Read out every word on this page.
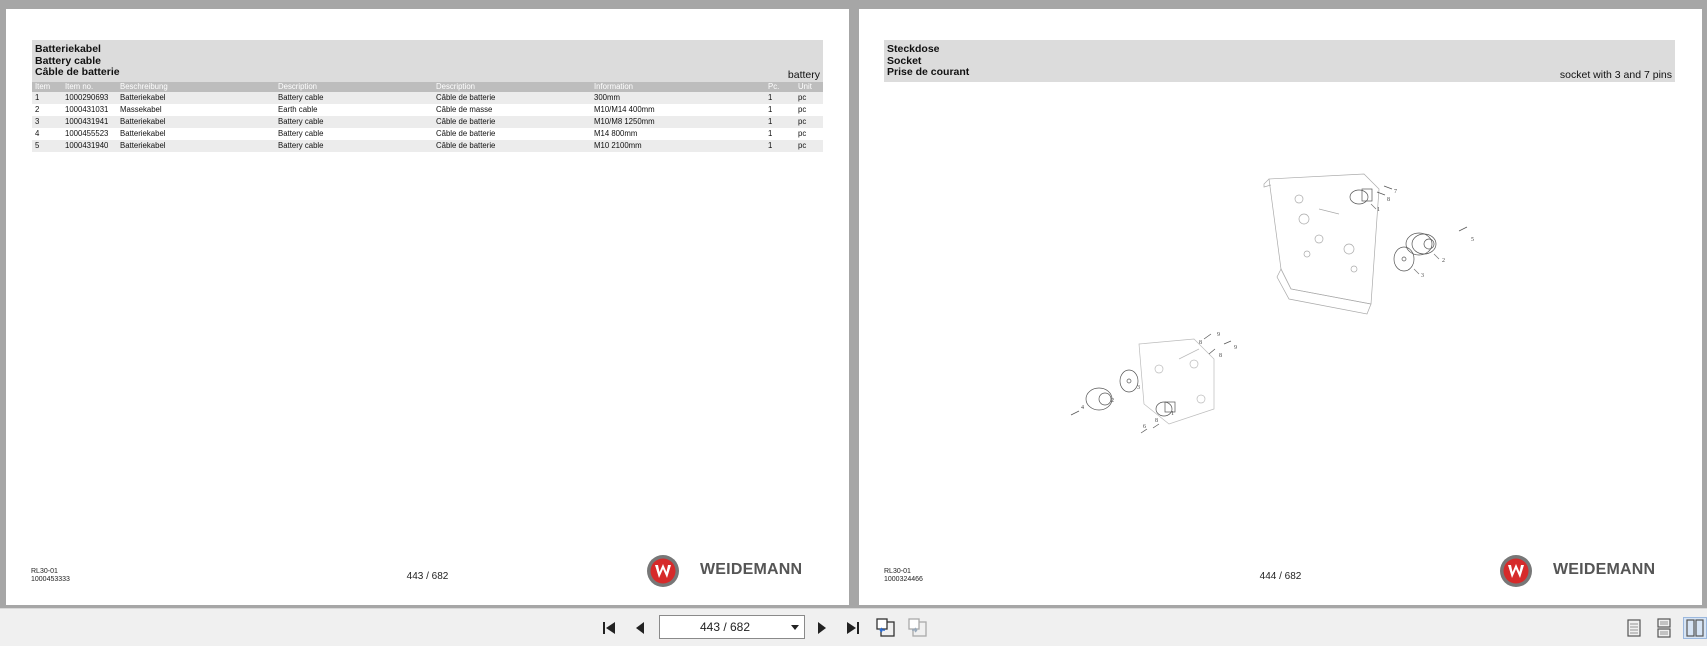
Batteriekabel
Battery cable
Câble de batterie	battery
Item	Item no.	Beschreibung	Description	Description	Information	Pc.	Unit
1	1000290693	Batteriekabel	Battery cable	Câble de batterie	300mm	1	pc
2	1000431031	Massekabel	Earth cable	Câble de masse	M10/M14 400mm	1	pc
3	1000431941	Batteriekabel	Battery cable	Câble de batterie	M10/M8 1250mm	1	pc
4	1000455523	Batteriekabel	Battery cable	Câble de batterie	M14 800mm	1	pc
5	1000431940	Batteriekabel	Battery cable	Câble de batterie	M10 2100mm	1	pc
RL30-01
1000453333	443 / 682	WEIDEMANN
Steckdose
Socket
Prise de courant	socket with 3 and 7 pins
7
8
1
5
2
3
9
8
9
8
3
2
4
1
8
6
RL30-01
1000324466	444 / 682	WEIDEMANN
443 / 682
